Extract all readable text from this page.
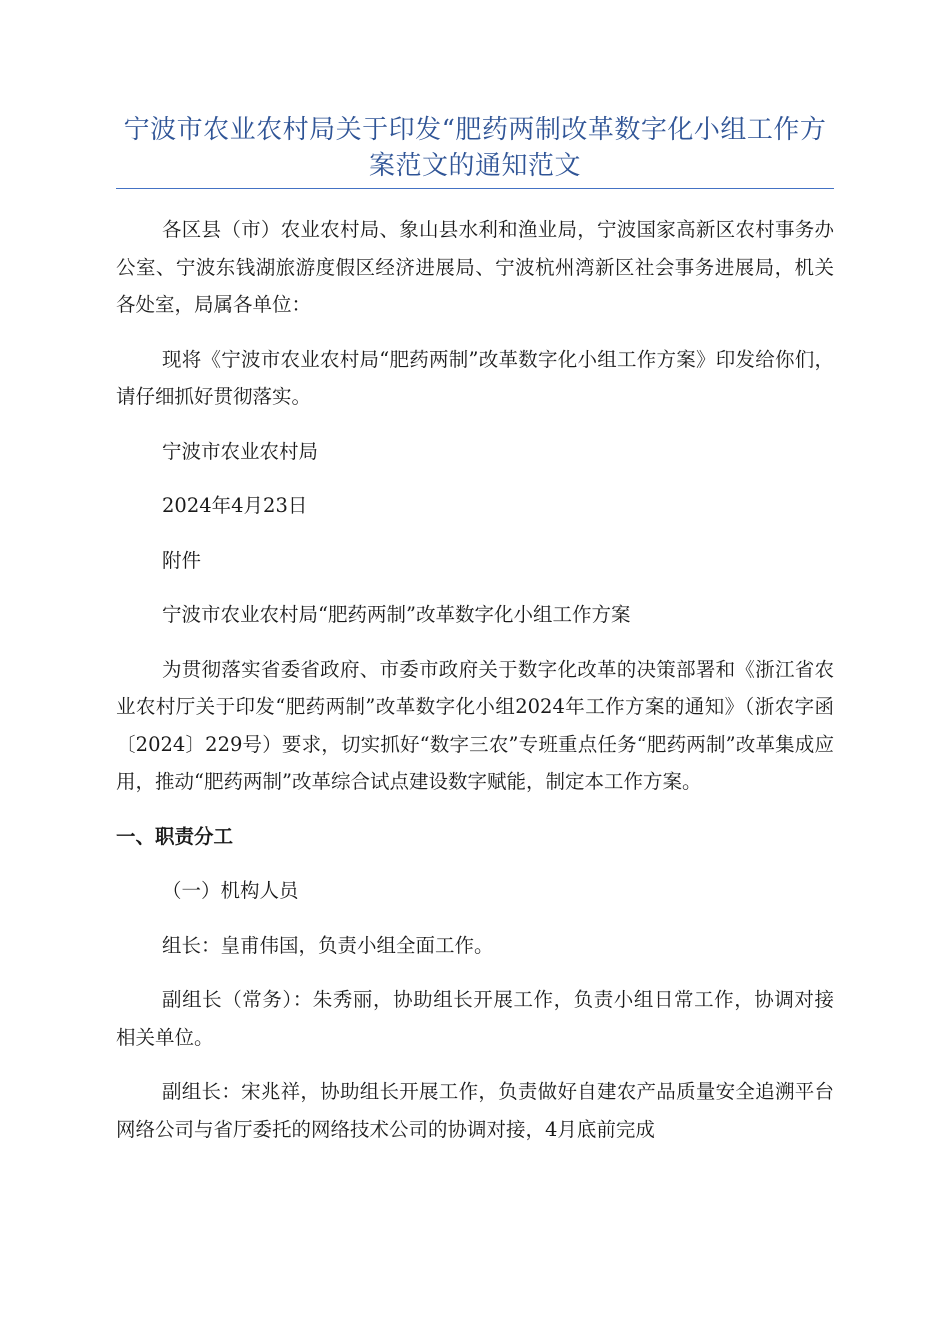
宁波市农业农村局关于印发“肥药两制改革数字化小组工作方案范文的通知范文

各区县（市）农业农村局、象山县水利和渔业局，宁波国家高新区农村事务办公室、宁波东钱湖旅游度假区经济进展局、宁波杭州湾新区社会事务进展局，机关各处室，局属各单位：

现将《宁波市农业农村局“肥药两制”改革数字化小组工作方案》印发给你们，请仔细抓好贯彻落实。

宁波市农业农村局

2024年4月23日

附件

宁波市农业农村局“肥药两制”改革数字化小组工作方案

为贯彻落实省委省政府、市委市政府关于数字化改革的决策部署和《浙江省农业农村厅关于印发“肥药两制”改革数字化小组2024年工作方案的通知》（浙农字函〔2024〕229号）要求，切实抓好“数字三农”专班重点任务“肥药两制”改革集成应用，推动“肥药两制”改革综合试点建设数字赋能，制定本工作方案。

一、职责分工

（一）机构人员

组长：皇甫伟国，负责小组全面工作。

副组长（常务）：朱秀丽，协助组长开展工作，负责小组日常工作，协调对接相关单位。

副组长：宋兆祥，协助组长开展工作，负责做好自建农产品质量安全追溯平台网络公司与省厅委托的网络技术公司的协调对接，4月底前完成
